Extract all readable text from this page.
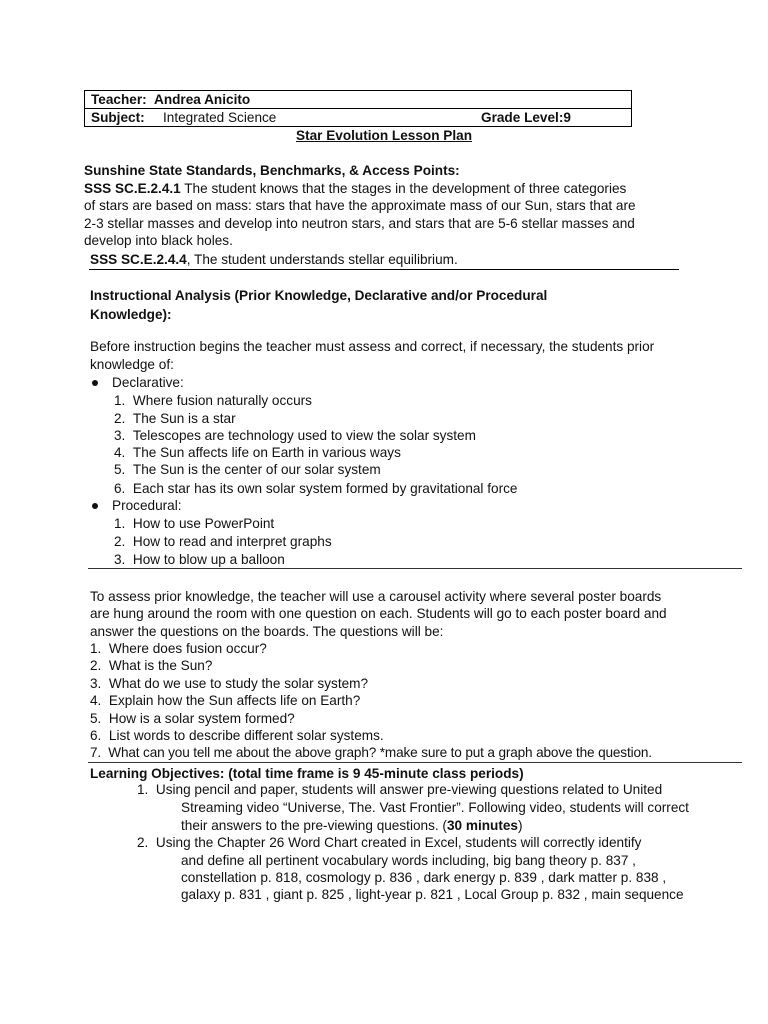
Teacher: Andrea Anicito
Subject: Integrated Science	Grade Level:9
Star Evolution Lesson Plan
Sunshine State Standards, Benchmarks, & Access Points:
SSS SC.E.2.4.1 The student knows that the stages in the development of three categories
of stars are based on mass: stars that have the approximate mass of our Sun, stars that are
2-3 stellar masses and develop into neutron stars, and stars that are 5-6 stellar masses and
develop into black holes.
SSS SC.E.2.4.4, The student understands stellar equilibrium.
Instructional Analysis (Prior Knowledge, Declarative and/or Procedural
Knowledge):
Before instruction begins the teacher must assess and correct, if necessary, the students prior
knowledge of:
Declarative:
1.  Where fusion naturally occurs
2.  The Sun is a star
3.  Telescopes are technology used to view the solar system
4.  The Sun affects life on Earth in various ways
5.  The Sun is the center of our solar system
6.  Each star has its own solar system formed by gravitational force
Procedural:
1.  How to use PowerPoint
2.  How to read and interpret graphs
3.  How to blow up a balloon
To assess prior knowledge, the teacher will use a carousel activity where several poster boards
are hung around the room with one question on each. Students will go to each poster board and
answer the questions on the boards. The questions will be:
1.  Where does fusion occur?
2.  What is the Sun?
3.  What do we use to study the solar system?
4.  Explain how the Sun affects life on Earth?
5.  How is a solar system formed?
6.  List words to describe different solar systems.
7.  What can you tell me about the above graph? *make sure to put a graph above the question.
Learning Objectives: (total time frame is 9 45-minute class periods)
1.  Using pencil and paper, students will answer pre-viewing questions related to United
Streaming video “Universe, The. Vast Frontier”. Following video, students will correct
their answers to the pre-viewing questions. (30 minutes)
2.  Using the Chapter 26 Word Chart created in Excel, students will correctly identify
and define all pertinent vocabulary words including, big bang theory p. 837 ,
constellation p. 818, cosmology p. 836 , dark energy p. 839 , dark matter p. 838 ,
galaxy p. 831 , giant p. 825 , light-year p. 821 , Local Group p. 832 , main sequence
